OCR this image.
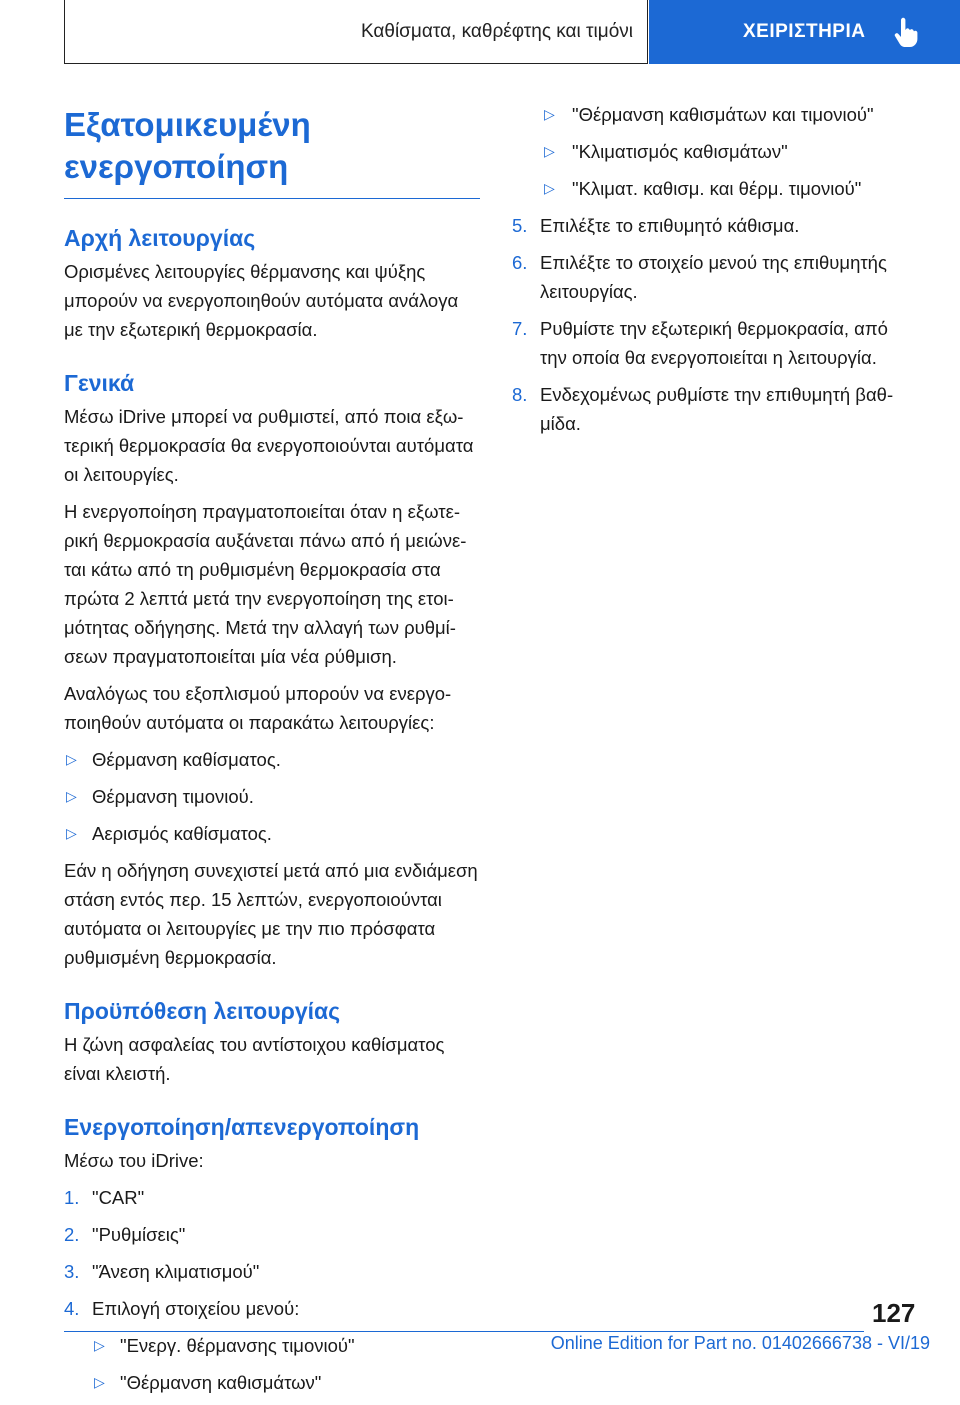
Καθίσματα, καθρέφτης και τιμόνι	ΧΕΙΡΙΣΤΗΡΙΑ
Εξατομικευμένη
ενεργοποίηση
Αρχή λειτουργίας

Ορισμένες λειτουργίες θέρμανσης και ψύξης μπορούν να ενεργοποιηθούν αυτόματα ανάλογα με την εξωτερική θερμοκρασία.

Γενικά

Μέσω iDrive μπορεί να ρυθμιστεί, από ποια εξωτερική θερμοκρασία θα ενεργοποιούνται αυτόματα οι λειτουργίες.

Η ενεργοποίηση πραγματοποιείται όταν η εξωτερική θερμοκρασία αυξάνεται πάνω από ή μειώνεται κάτω από τη ρυθμισμένη θερμοκρασία στα πρώτα 2 λεπτά μετά την ενεργοποίηση της ετοιμότητας οδήγησης. Μετά την αλλαγή των ρυθμίσεων πραγματοποιείται μία νέα ρύθμιση.

Αναλόγως του εξοπλισμού μπορούν να ενεργοποιηθούν αυτόματα οι παρακάτω λειτουργίες:

▷ Θέρμανση καθίσματος.
▷ Θέρμανση τιμονιού.
▷ Αερισμός καθίσματος.

Εάν η οδήγηση συνεχιστεί μετά από μια ενδιάμεση στάση εντός περ. 15 λεπτών, ενεργοποιούνται αυτόματα οι λειτουργίες με την πιο πρόσφατα ρυθμισμένη θερμοκρασία.

Προϋπόθεση λειτουργίας

Η ζώνη ασφαλείας του αντίστοιχου καθίσματος είναι κλειστή.

Ενεργοποίηση/απενεργοποίηση

Μέσω του iDrive:

1. "CAR"
2. "Ρυθμίσεις"
3. "Άνεση κλιματισμού"
4. Επιλογή στοιχείου μενού:
▷ "Ενεργ. θέρμανσης τιμονιού"
▷ "Θέρμανση καθισμάτων"
▷ "Θέρμανση καθισμάτων και τιμονιού"
▷ "Κλιματισμός καθισμάτων"
▷ "Κλιματ. καθισμ. και θέρμ. τιμονιού"
5. Επιλέξτε το επιθυμητό κάθισμα.
6. Επιλέξτε το στοιχείο μενού της επιθυμητής λειτουργίας.
7. Ρυθμίστε την εξωτερική θερμοκρασία, από την οποία θα ενεργοποιείται η λειτουργία.
8. Ενδεχομένως ρυθμίστε την επιθυμητή βαθμίδα.
127
Online Edition for Part no. 01402666738 - VI/19
